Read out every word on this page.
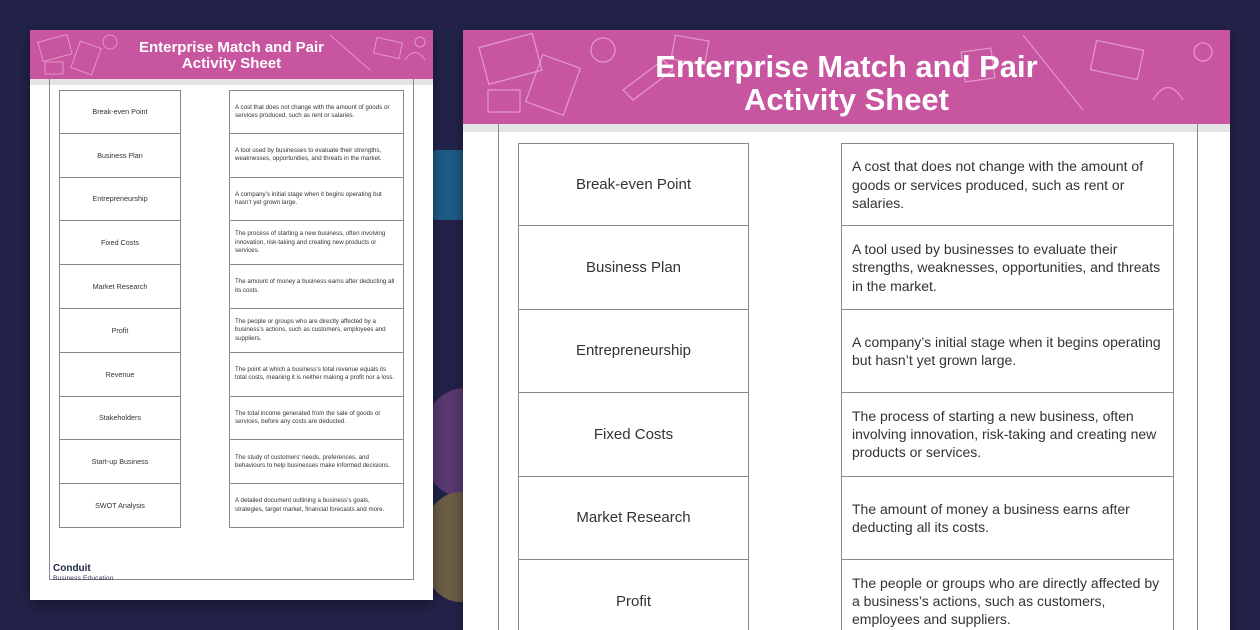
Enterprise Match and Pair
Activity Sheet
Break-even Point
Business Plan
Entrepreneurship
Fixed Costs
Market Research
Profit
Revenue
Stakeholders
Start-up Business
SWOT Analysis
A cost that does not change with the amount of goods or services produced, such as rent or salaries.
A tool used by businesses to evaluate their strengths, weaknesses, opportunities, and threats in the market.
A company’s initial stage when it begins operating but hasn’t yet grown large.
The process of starting a new business, often involving innovation, risk-taking and creating new products or services.
The amount of money a business earns after deducting all its costs.
The people or groups who are directly affected by a business’s actions, such as customers, employees and suppliers.
The point at which a business’s total revenue equals its total costs, meaning it is neither making a profit nor a loss.
The total income generated from the sale of goods or services, before any costs are deducted.
The study of customers’ needs, preferences, and behaviours to help businesses make informed decisions.
A detailed document outlining a business’s goals, strategies, target market, financial forecasts and more.
Conduit
Business Education
Enterprise Match and Pair
Activity Sheet
Break-even Point
Business Plan
Entrepreneurship
Fixed Costs
Market Research
Profit
A cost that does not change with the amount of goods or services produced, such as rent or salaries.
A tool used by businesses to evaluate their strengths, weaknesses, opportunities, and threats in the market.
A company’s initial stage when it begins operating but hasn’t yet grown large.
The process of starting a new business, often involving innovation, risk-taking and creating new products or services.
The amount of money a business earns after deducting all its costs.
The people or groups who are directly affected by a business’s actions, such as customers, employees and suppliers.
